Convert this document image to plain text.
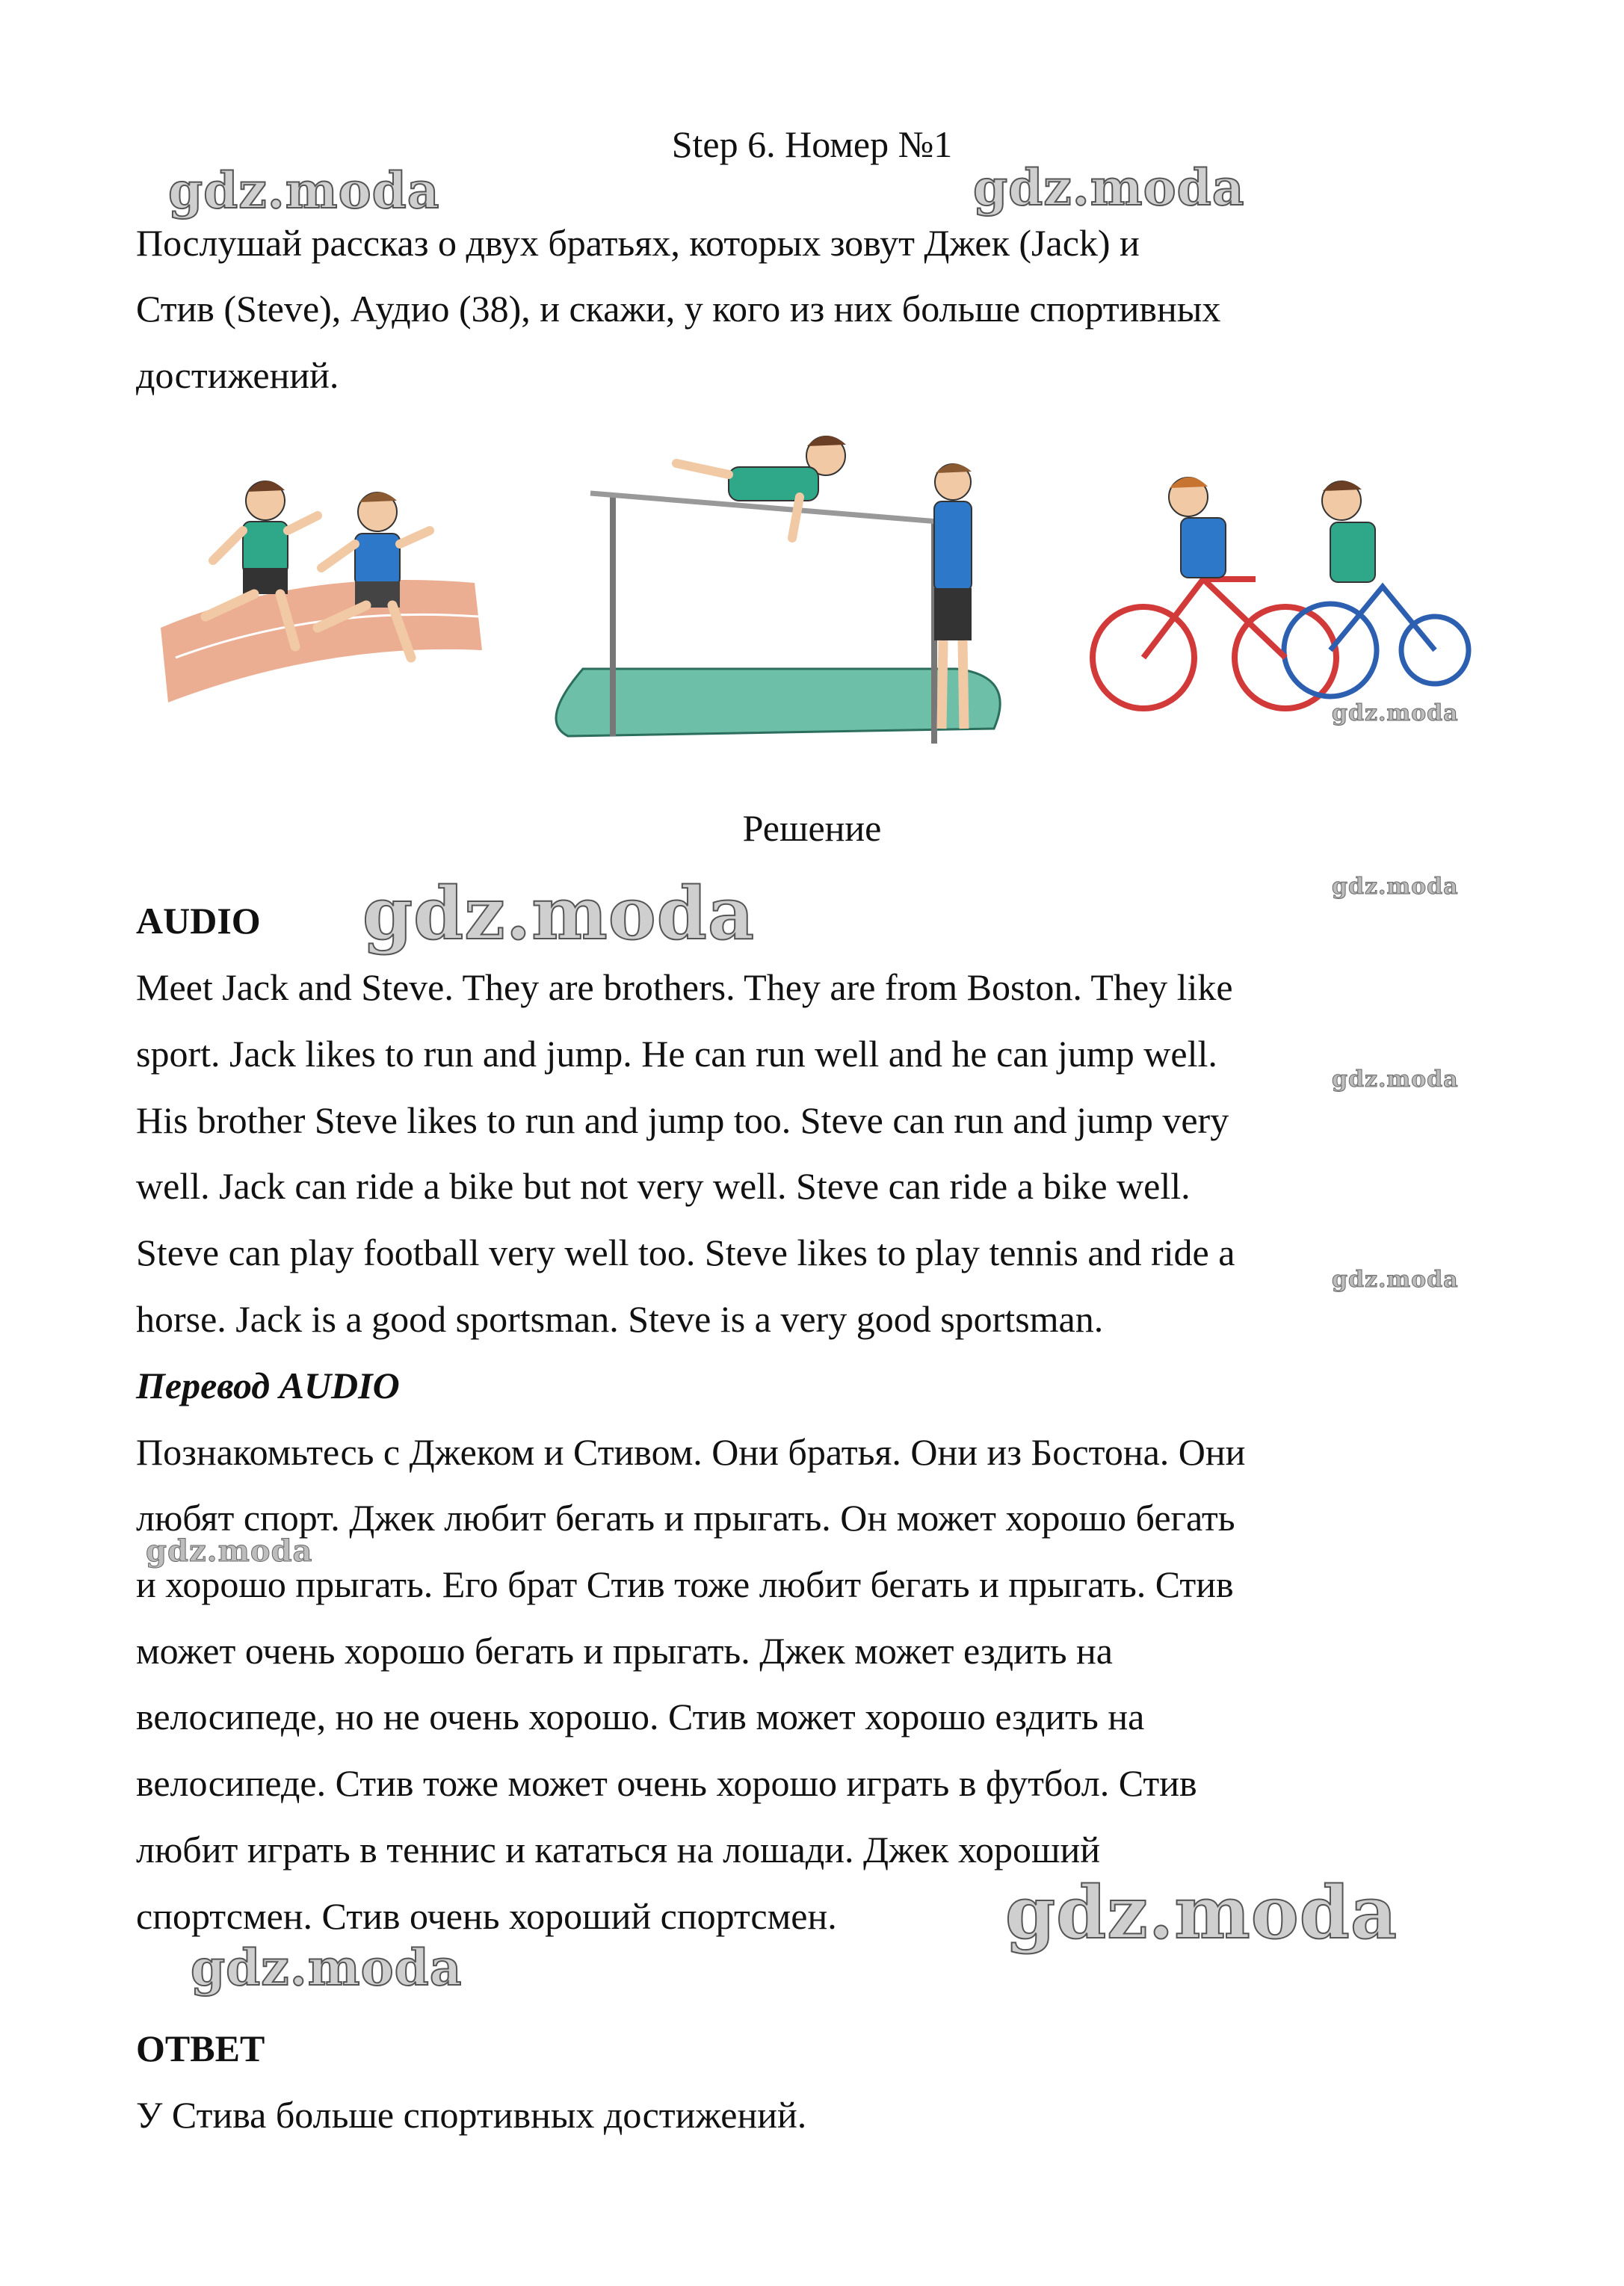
Step 6. Номер №1
Послушай рассказ о двух братьях, которых зовут Джек (Jack) и
Стив (Steve), Аудио (38), и скажи, у кого из них больше спортивных
достижений.
Решение
AUDIO
Meet Jack and Steve. They are brothers. They are from Boston. They like
sport. Jack likes to run and jump. He can run well and he can jump well.
His brother Steve likes to run and jump too. Steve can run and jump very
well. Jack can ride a bike but not very well. Steve can ride a bike well.
Steve can play football very well too. Steve likes to play tennis and ride a
horse. Jack is a good sportsman. Steve is a very good sportsman.
Перевод AUDIO
Познакомьтесь с Джеком и Стивом. Они братья. Они из Бостона. Они
любят спорт. Джек любит бегать и прыгать. Он может хорошо бегать
и хорошо прыгать. Его брат Стив тоже любит бегать и прыгать. Стив
может очень хорошо бегать и прыгать. Джек может ездить на
велосипеде, но не очень хорошо. Стив может хорошо ездить на
велосипеде. Стив тоже может очень хорошо играть в футбол. Стив
любит играть в теннис и кататься на лошади. Джек хороший
спортсмен. Стив очень хороший спортсмен.
ОТВЕТ
У Стива больше спортивных достижений.
gdz.moda	gdz.moda
gdz.moda
gdz.moda	gdz.moda
gdz.moda
gdz.moda
gdz.moda
gdz.moda
gdz.moda
